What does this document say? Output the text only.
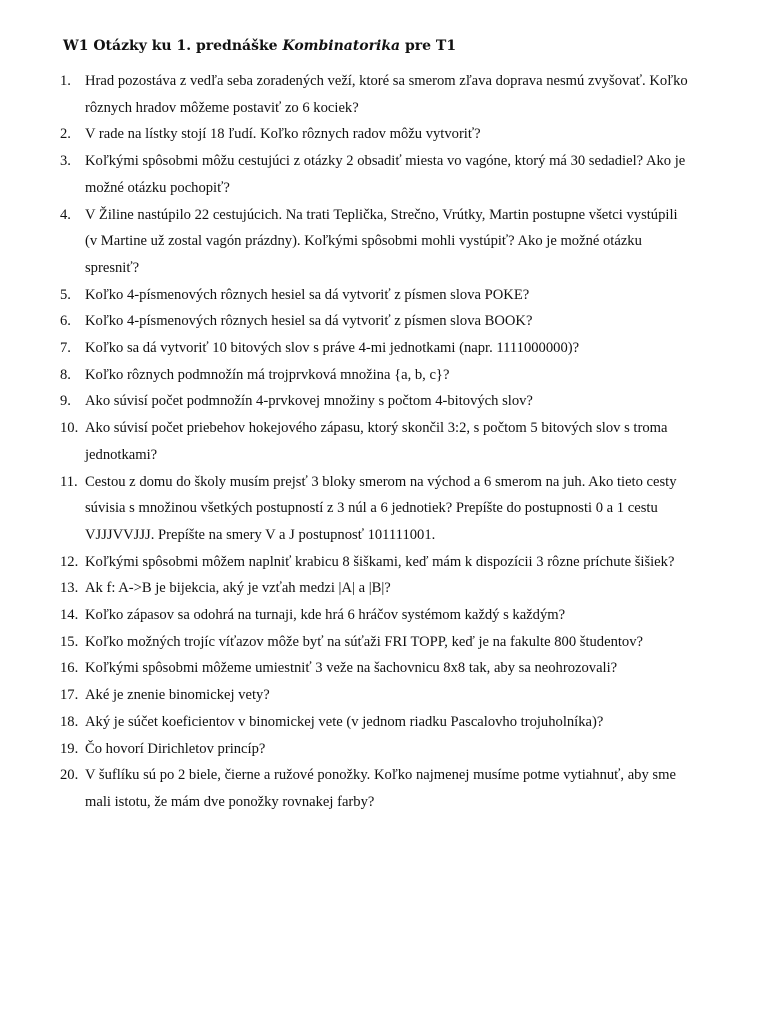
W1 Otázky ku 1. prednáške Kombinatorika pre T1
1. Hrad pozostáva z vedľa seba zoradených veží, ktoré sa smerom zľava doprava nesmú zvyšovať. Koľko
rôznych hradov môžeme postaviť zo 6 kociek?
2. V rade na lístky stojí 18 ľudí. Koľko rôznych radov môžu vytvoriť?
3. Koľkými spôsobmi môžu cestujúci z otázky 2 obsadiť miesta vo vagóne, ktorý má 30 sedadiel? Ako je
možné otázku pochopiť?
4. V Žiline nastúpilo 22 cestujúcich. Na trati Teplička, Strečno, Vrútky, Martin postupne všetci vystúpili
(v Martine už zostal vagón prázdny). Koľkými spôsobmi mohli vystúpiť? Ako je možné otázku
spresniť?
5. Koľko 4-písmenových rôznych hesiel sa dá vytvoriť z písmen slova POKE?
6. Koľko 4-písmenových rôznych hesiel sa dá vytvoriť z písmen slova BOOK?
7. Koľko sa dá vytvoriť 10 bitových slov s práve 4-mi jednotkami (napr. 1111000000)?
8. Koľko rôznych podmnožín má trojprvková množina {a, b, c}?
9. Ako súvisí počet podmnožín 4-prvkovej množiny s počtom 4-bitových slov?
10. Ako súvisí počet priebehov hokejového zápasu, ktorý skončil 3:2, s počtom 5 bitových slov s troma
jednotkami?
11. Cestou z domu do školy musím prejsť 3 bloky smerom na východ a 6 smerom na juh. Ako tieto cesty
súvisia s množinou všetkých postupností z 3 núl a 6 jednotiek? Prepíšte do postupnosti 0 a 1 cestu
VJJJVVJJJ. Prepíšte na smery V a J postupnosť 101111001.
12. Koľkými spôsobmi môžem naplniť krabicu 8 šiškami, keď mám k dispozícii 3 rôzne príchute šišiek?
13. Ak f: A->B je bijekcia, aký je vzťah medzi |A| a |B|?
14. Koľko zápasov sa odohrá na turnaji, kde hrá 6 hráčov systémom každý s každým?
15. Koľko možných trojíc víťazov môže byť na súťaži FRI TOPP, keď je na fakulte 800 študentov?
16. Koľkými spôsobmi môžeme umiestniť 3 veže na šachovnicu 8x8 tak, aby sa neohrozovali?
17. Aké je znenie binomickej vety?
18. Aký je súčet koeficientov v binomickej vete (v jednom riadku Pascalovho trojuholníka)?
19. Čo hovorí Dirichletov princíp?
20. V šuflíku sú po 2 biele, čierne a ružové ponožky. Koľko najmenej musíme potme vytiahnuť, aby sme
mali istotu, že mám dve ponožky rovnakej farby?
